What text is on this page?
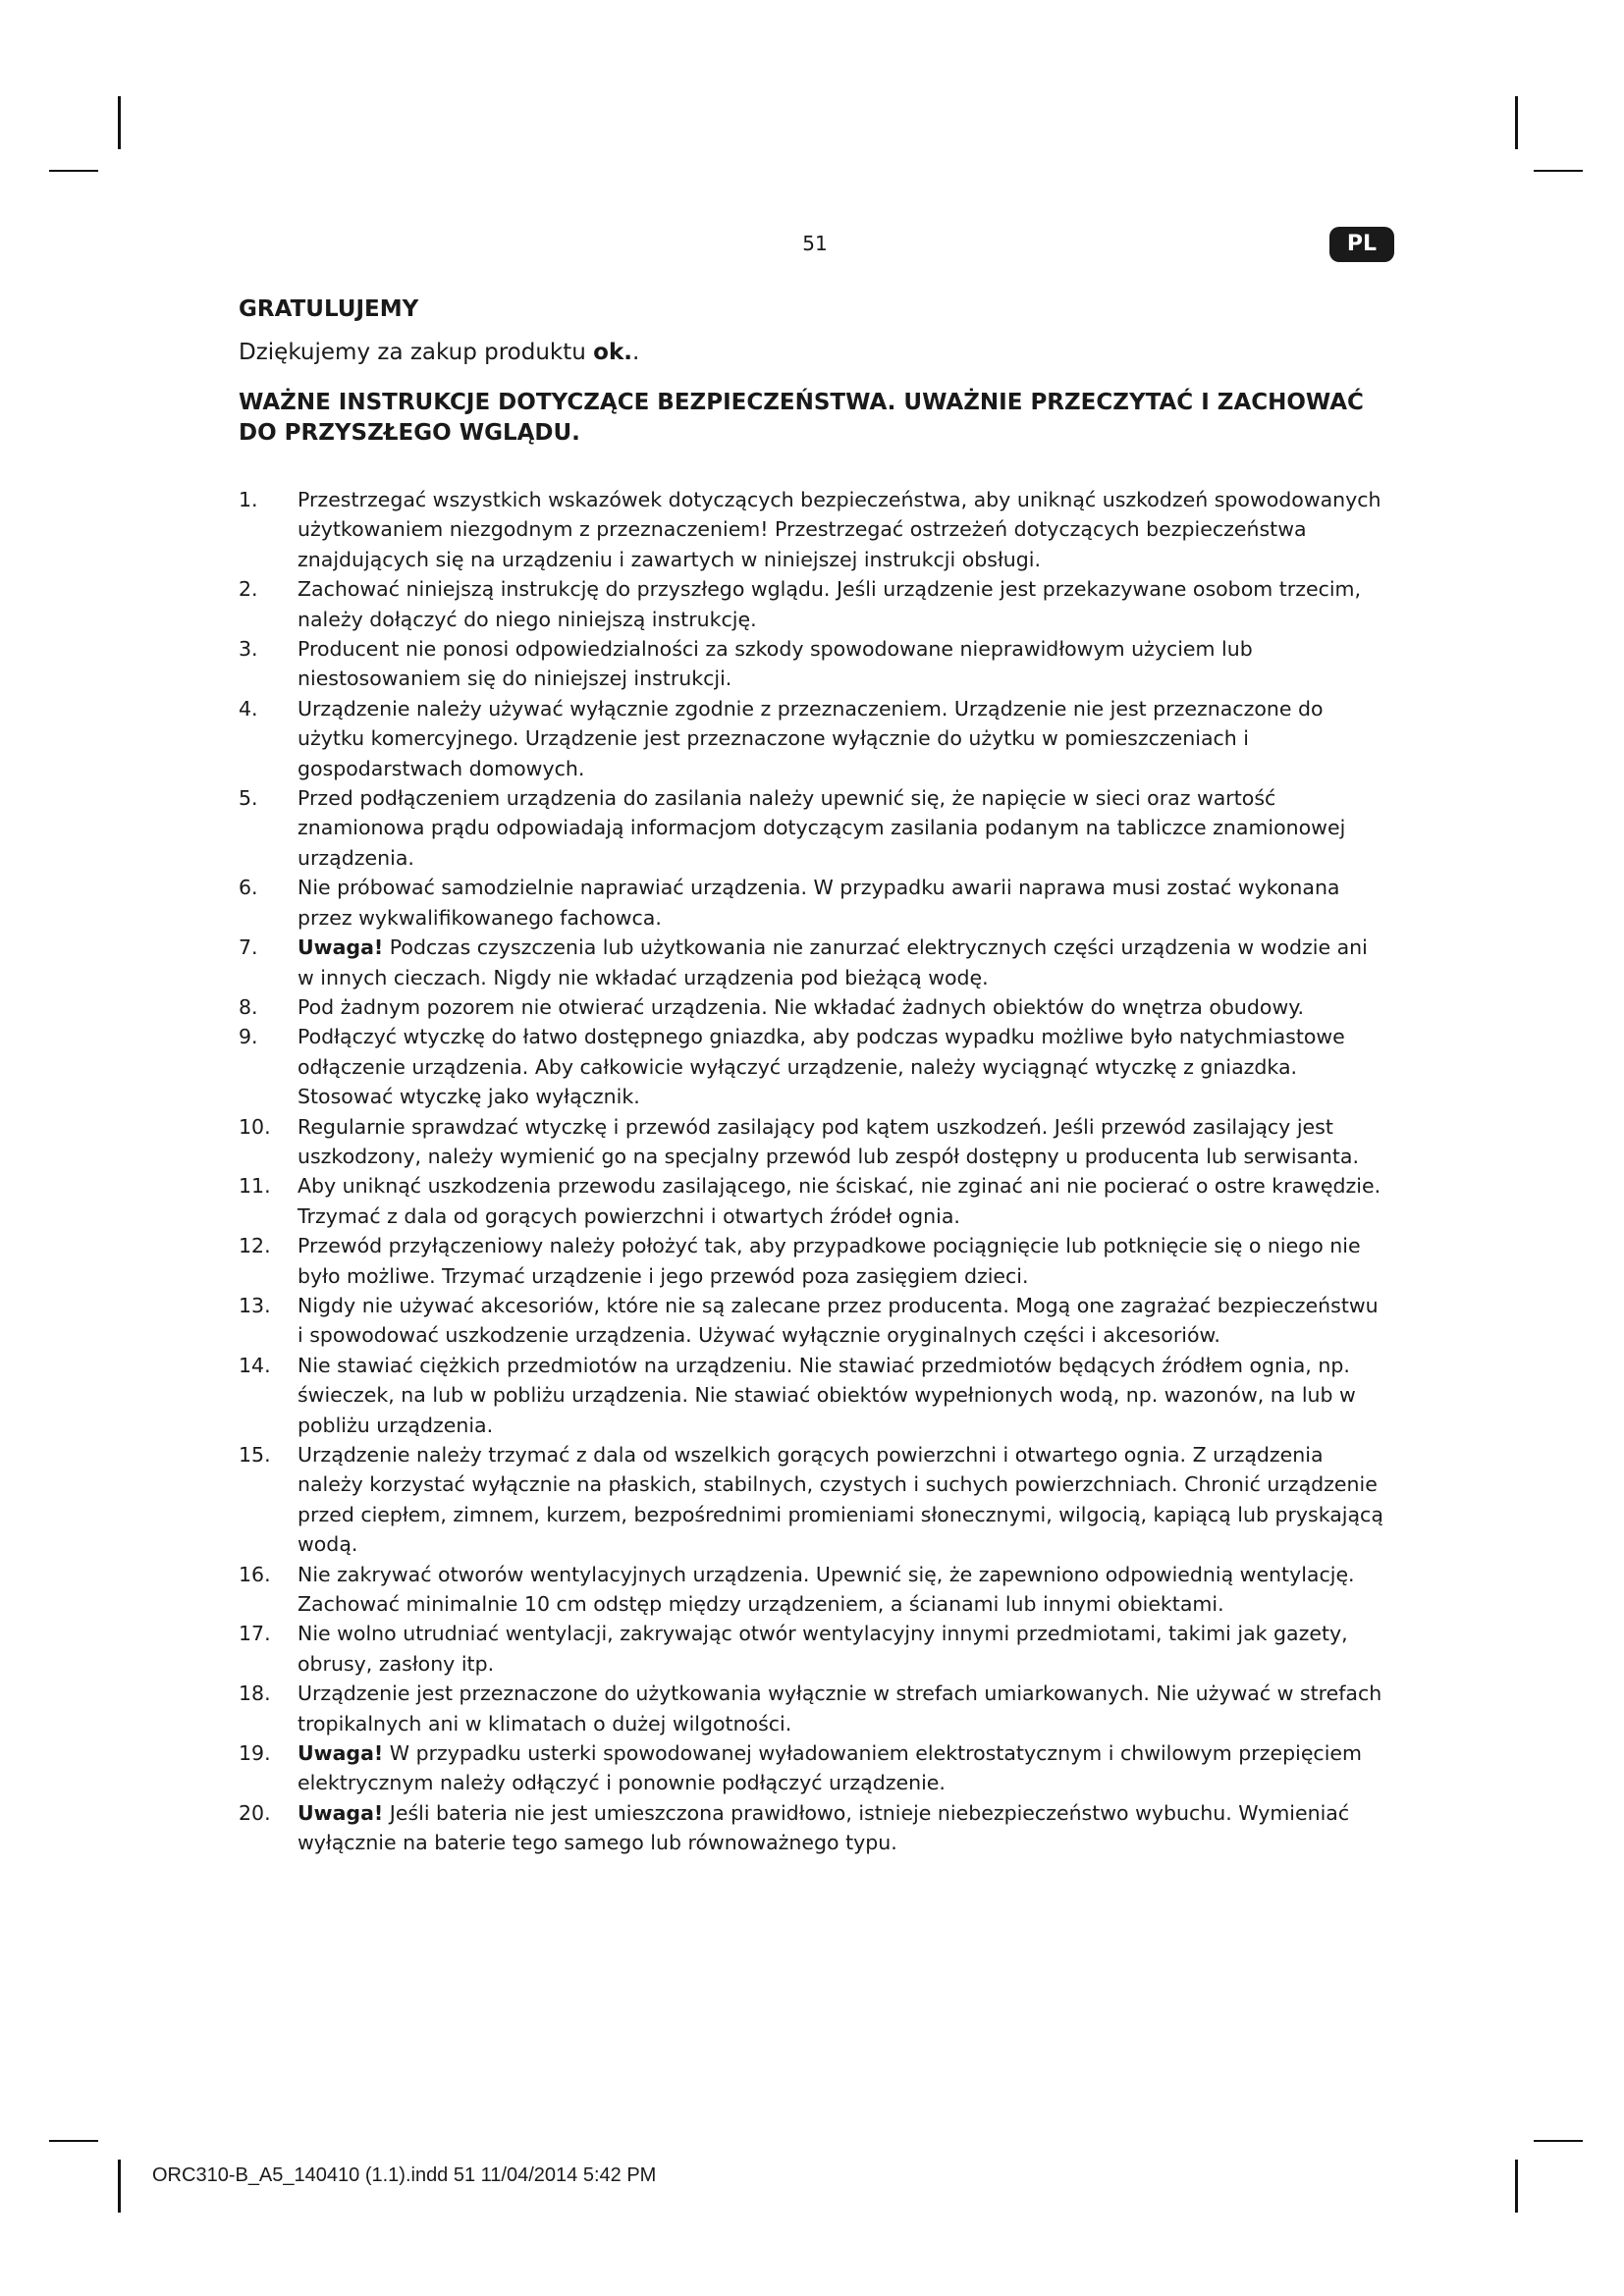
51	PL
GRATULUJEMY
Dziękujemy za zakup produktu ok..
WAŻNE INSTRUKCJE DOTYCZĄCE BEZPIECZEŃSTWA. UWAŻNIE PRZECZYTAĆ I ZACHOWAĆ DO PRZYSZŁEGO WGLĄDU.
1. Przestrzegać wszystkich wskazówek dotyczących bezpieczeństwa, aby uniknąć uszkodzeń spowodowanych użytkowaniem niezgodnym z przeznaczeniem! Przestrzegać ostrzeżeń dotyczących bezpieczeństwa znajdujących się na urządzeniu i zawartych w niniejszej instrukcji obsługi.
2. Zachować niniejszą instrukcję do przyszłego wglądu. Jeśli urządzenie jest przekazywane osobom trzecim, należy dołączyć do niego niniejszą instrukcję.
3. Producent nie ponosi odpowiedzialności za szkody spowodowane nieprawidłowym użyciem lub niestosowaniem się do niniejszej instrukcji.
4. Urządzenie należy używać wyłącznie zgodnie z przeznaczeniem. Urządzenie nie jest przeznaczone do użytku komercyjnego. Urządzenie jest przeznaczone wyłącznie do użytku w pomieszczeniach i gospodarstwach domowych.
5. Przed podłączeniem urządzenia do zasilania należy upewnić się, że napięcie w sieci oraz wartość znamionowa prądu odpowiadają informacjom dotyczącym zasilania podanym na tabliczce znamionowej urządzenia.
6. Nie próbować samodzielnie naprawiać urządzenia. W przypadku awarii naprawa musi zostać wykonana przez wykwalifikowanego fachowca.
7. Uwaga! Podczas czyszczenia lub użytkowania nie zanurzać elektrycznych części urządzenia w wodzie ani w innych cieczach. Nigdy nie wkładać urządzenia pod bieżącą wodę.
8. Pod żadnym pozorem nie otwierać urządzenia. Nie wkładać żadnych obiektów do wnętrza obudowy.
9. Podłączyć wtyczkę do łatwo dostępnego gniazdka, aby podczas wypadku możliwe było natychmiastowe odłączenie urządzenia. Aby całkowicie wyłączyć urządzenie, należy wyciągnąć wtyczkę z gniazdka. Stosować wtyczkę jako wyłącznik.
10. Regularnie sprawdzać wtyczkę i przewód zasilający pod kątem uszkodzeń. Jeśli przewód zasilający jest uszkodzony, należy wymienić go na specjalny przewód lub zespół dostępny u producenta lub serwisanta.
11. Aby uniknąć uszkodzenia przewodu zasilającego, nie ściskać, nie zginać ani nie pocierać o ostre krawędzie. Trzymać z dala od gorących powierzchni i otwartych źródeł ognia.
12. Przewód przyłączeniowy należy położyć tak, aby przypadkowe pociągnięcie lub potknięcie się o niego nie było możliwe. Trzymać urządzenie i jego przewód poza zasięgiem dzieci.
13. Nigdy nie używać akcesoriów, które nie są zalecane przez producenta. Mogą one zagrażać bezpieczeństwu i spowodować uszkodzenie urządzenia. Używać wyłącznie oryginalnych części i akcesoriów.
14. Nie stawiać ciężkich przedmiotów na urządzeniu. Nie stawiać przedmiotów będących źródłem ognia, np. świeczek, na lub w pobliżu urządzenia. Nie stawiać obiektów wypełnionych wodą, np. wazonów, na lub w pobliżu urządzenia.
15. Urządzenie należy trzymać z dala od wszelkich gorących powierzchni i otwartego ognia. Z urządzenia należy korzystać wyłącznie na płaskich, stabilnych, czystych i suchych powierzchniach. Chronić urządzenie przed ciepłem, zimnem, kurzem, bezpośrednimi promieniami słonecznymi, wilgocią, kapiącą lub pryskającą wodą.
16. Nie zakrywać otworów wentylacyjnych urządzenia. Upewnić się, że zapewniono odpowiednią wentylację. Zachować minimalnie 10 cm odstęp między urządzeniem, a ścianami lub innymi obiektami.
17. Nie wolno utrudniać wentylacji, zakrywając otwór wentylacyjny innymi przedmiotami, takimi jak gazety, obrusy, zasłony itp.
18. Urządzenie jest przeznaczone do użytkowania wyłącznie w strefach umiarkowanych. Nie używać w strefach tropikalnych ani w klimatach o dużej wilgotności.
19. Uwaga! W przypadku usterki spowodowanej wyładowaniem elektrostatycznym i chwilowym przepięciem elektrycznym należy odłączyć i ponownie podłączyć urządzenie.
20. Uwaga! Jeśli bateria nie jest umieszczona prawidłowo, istnieje niebezpieczeństwo wybuchu. Wymieniać wyłącznie na baterie tego samego lub równoważnego typu.
ORC310-B_A5_140410 (1.1).indd 51 11/04/2014 5:42 PM
